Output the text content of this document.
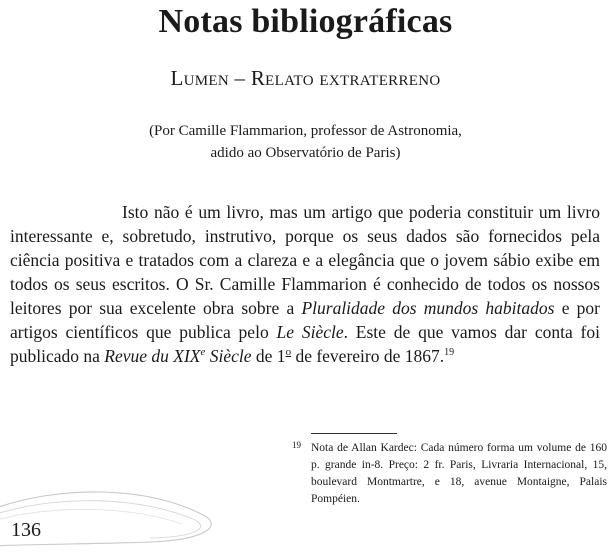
Notas bibliográficas
Lumen – Relato extraterreno
(Por Camille Flammarion, professor de Astronomia,
adido ao Observatório de Paris)

Isto não é um livro, mas um artigo que poderia constituir um livro interessante e, sobretudo, instrutivo, porque os seus dados são fornecidos pela ciência positiva e tratados com a clareza e a elegância que o jovem sábio exibe em todos os seus escritos. O Sr. Camille Flammarion é conhecido de todos os nossos leitores por sua excelente obra sobre a Pluralidade dos mundos habitados e por artigos científicos que publica pelo Le Siècle. Este de que vamos dar conta foi publicado na Revue du XIXe Siècle de 1$^o$ de fevereiro de 1867.19

19 Nota de Allan Kardec: Cada número forma um volume de 160 p. grande in-8. Preço: 2 fr. Paris, Livraria Internacional, 15, boulevard Montmartre, e 18, avenue Montaigne, Palais Pompéien.
136
